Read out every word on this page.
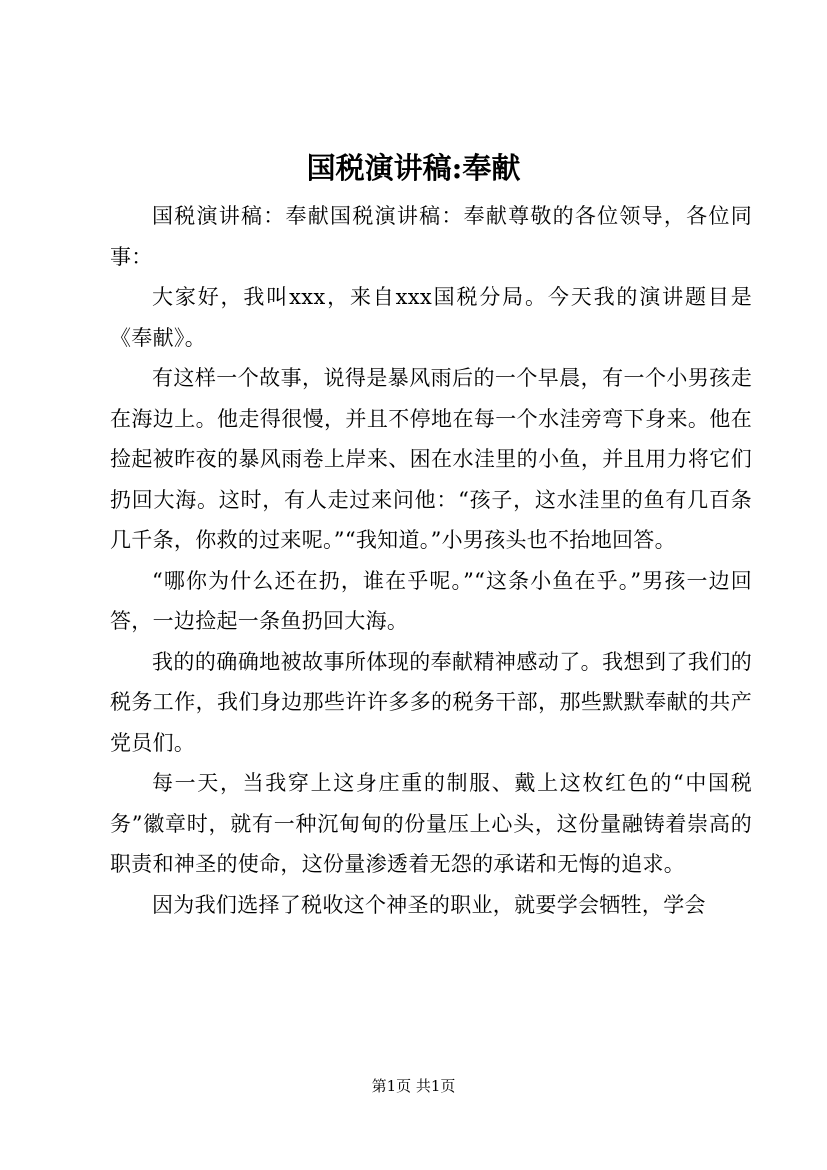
国税演讲稿:奉献

国税演讲稿：奉献国税演讲稿：奉献尊敬的各位领导，各位同事：

大家好，我叫xxx，来自xxx国税分局。今天我的演讲题目是《奉献》。

有这样一个故事，说得是暴风雨后的一个早晨，有一个小男孩走在海边上。他走得很慢，并且不停地在每一个水洼旁弯下身来。他在捡起被昨夜的暴风雨卷上岸来、困在水洼里的小鱼，并且用力将它们扔回大海。这时，有人走过来问他：“孩子，这水洼里的鱼有几百条几千条，你救的过来呢。”“我知道。”小男孩头也不抬地回答。

“哪你为什么还在扔，谁在乎呢。”“这条小鱼在乎。”男孩一边回答，一边捡起一条鱼扔回大海。

我的的确确地被故事所体现的奉献精神感动了。我想到了我们的税务工作，我们身边那些许许多多的税务干部，那些默默奉献的共产党员们。

每一天，当我穿上这身庄重的制服、戴上这枚红色的“中国税务”徽章时，就有一种沉甸甸的份量压上心头，这份量融铸着崇高的职责和神圣的使命，这份量渗透着无怨的承诺和无悔的追求。

因为我们选择了税收这个神圣的职业，就要学会牺牲，学会

第1页 共1页
